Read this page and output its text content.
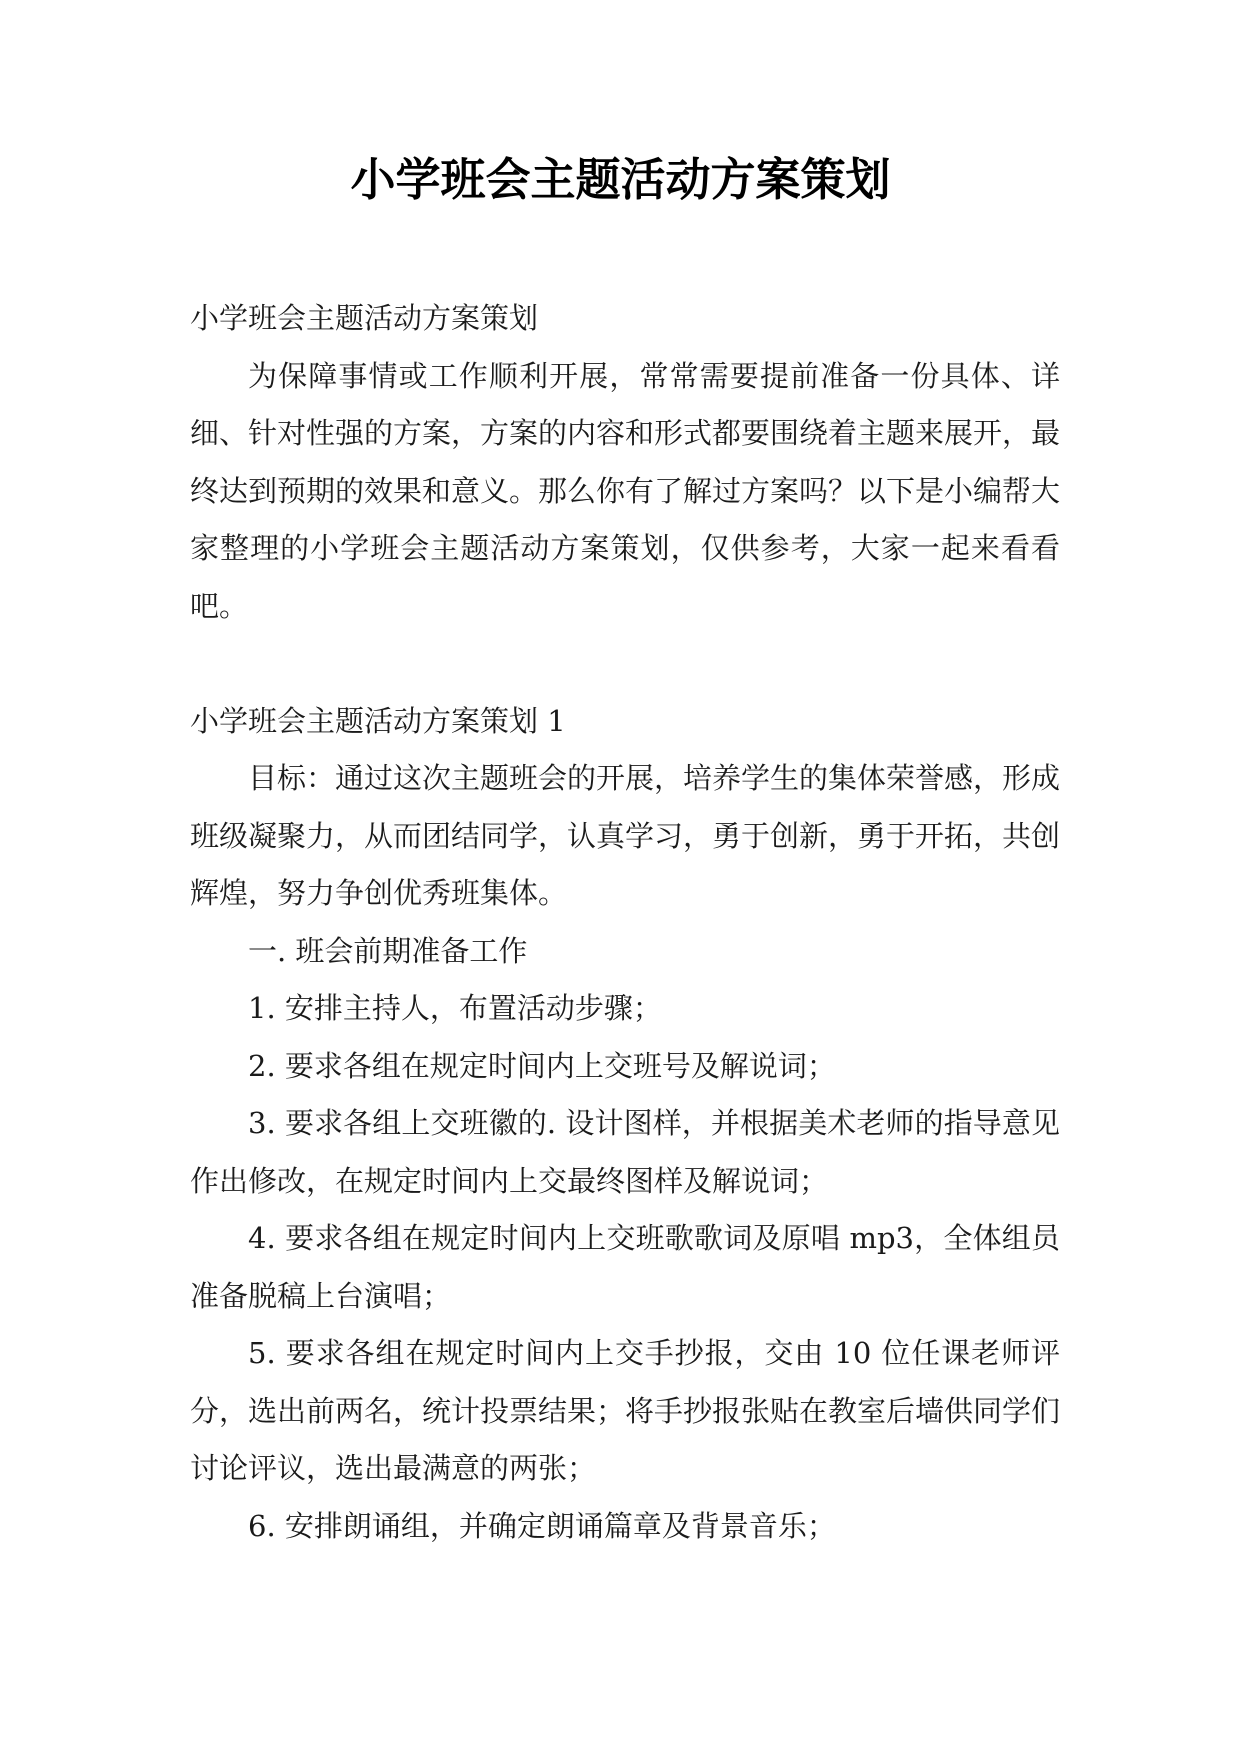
小学班会主题活动方案策划

小学班会主题活动方案策划

为保障事情或工作顺利开展，常常需要提前准备一份具体、详细、针对性强的方案，方案的内容和形式都要围绕着主题来展开，最终达到预期的效果和意义。那么你有了解过方案吗？以下是小编帮大家整理的小学班会主题活动方案策划，仅供参考，大家一起来看看吧。

小学班会主题活动方案策划 1

目标：通过这次主题班会的开展，培养学生的集体荣誉感，形成班级凝聚力，从而团结同学，认真学习，勇于创新，勇于开拓，共创辉煌，努力争创优秀班集体。

一. 班会前期准备工作

1. 安排主持人，布置活动步骤；

2. 要求各组在规定时间内上交班号及解说词；

3. 要求各组上交班徽的. 设计图样，并根据美术老师的指导意见作出修改，在规定时间内上交最终图样及解说词；

4. 要求各组在规定时间内上交班歌歌词及原唱 mp3，全体组员准备脱稿上台演唱；

5. 要求各组在规定时间内上交手抄报，交由 10 位任课老师评分，选出前两名，统计投票结果；将手抄报张贴在教室后墙供同学们讨论评议，选出最满意的两张；

6. 安排朗诵组，并确定朗诵篇章及背景音乐；
